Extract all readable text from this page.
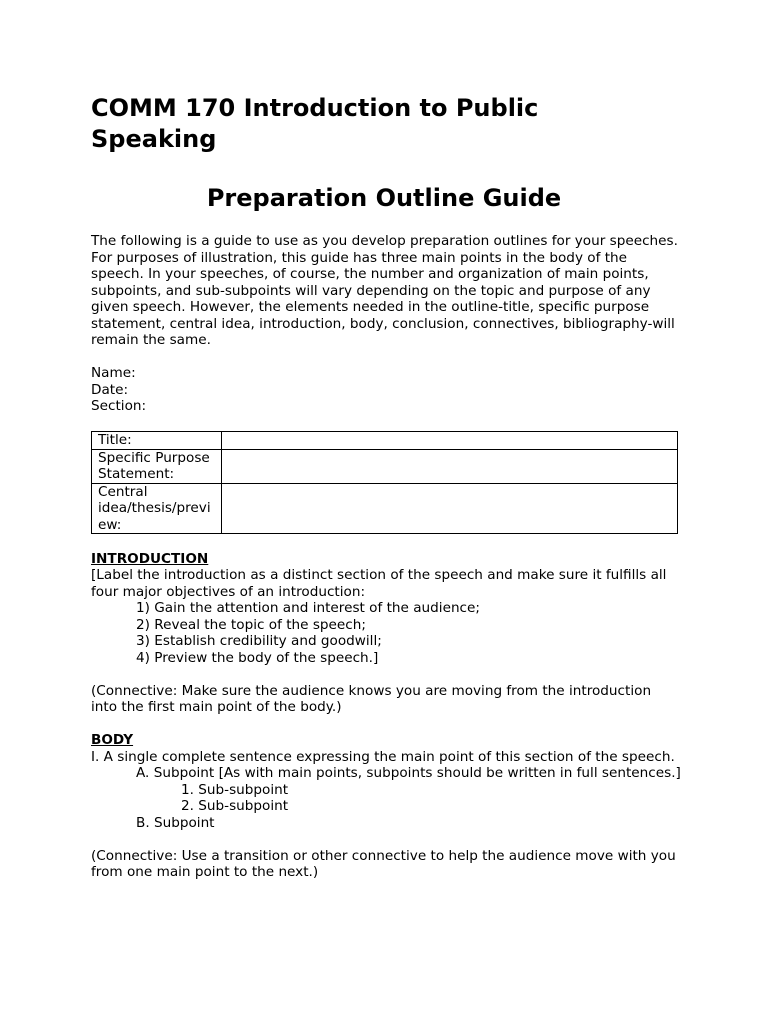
COMM 170 Introduction to Public Speaking
Preparation Outline Guide

The following is a guide to use as you develop preparation outlines for your speeches. For purposes of illustration, this guide has three main points in the body of the speech. In your speeches, of course, the number and organization of main points, subpoints, and sub-subpoints will vary depending on the topic and purpose of any given speech. However, the elements needed in the outline-title, specific purpose statement, central idea, introduction, body, conclusion, connectives, bibliography-will remain the same.

Name:

Date:

Section:

Title:	
Specific Purpose Statement:	
Central
idea/thesis/previ
ew:	

INTRODUCTION

[Label the introduction as a distinct section of the speech and make sure it fulfills all four major objectives of an introduction:

1) Gain the attention and interest of the audience;

2) Reveal the topic of the speech;

3) Establish credibility and goodwill;

4) Preview the body of the speech.]

(Connective: Make sure the audience knows you are moving from the introduction into the first main point of the body.)

BODY

I. A single complete sentence expressing the main point of this section of the speech.

A. Subpoint [As with main points, subpoints should be written in full sentences.]

1. Sub-subpoint

2. Sub-subpoint

B. Subpoint

(Connective: Use a transition or other connective to help the audience move with you from one main point to the next.)
